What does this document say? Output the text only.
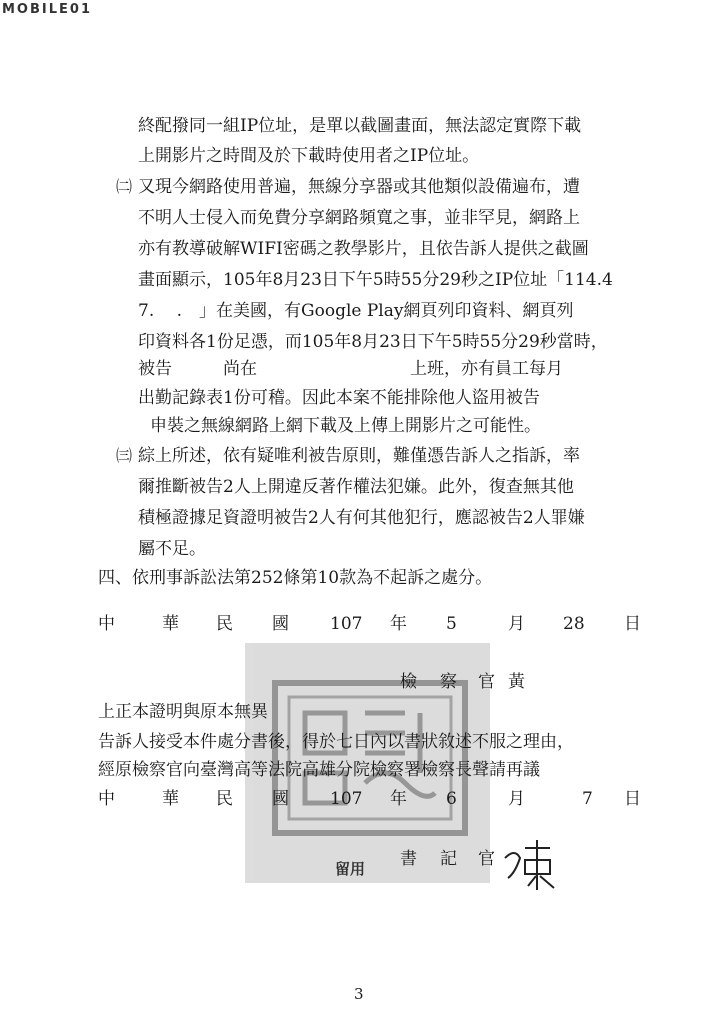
MOBILE01
終配撥同一組IP位址，是單以截圖畫面，無法認定實際下載
上開影片之時間及於下載時使用者之IP位址。
㈡ 又現今網路使用普遍，無線分享器或其他類似設備遍布，遭
不明人士侵入而免費分享網路頻寬之事，並非罕見，網路上
亦有教導破解WIFI密碼之教學影片，且依告訴人提供之截圖
畫面顯示，105年8月23日下午5時55分29秒之IP位址「114.4
7.　 .　」在美國，有Google Play網頁列印資料、網頁列
印資料各1份足憑，而105年8月23日下午5時55分29秒當時，
被告　　　尚在　　　　　　　　　上班，亦有員工每月
出勤記錄表1份可稽。因此本案不能排除他人盜用被告
申裝之無線網路上網下載及上傳上開影片之可能性。
㈢ 綜上所述，依有疑唯利被告原則，難僅憑告訴人之指訴，率
爾推斷被告2人上開違反著作權法犯嫌。此外，復查無其他
積極證據足資證明被告2人有何其他犯行，應認被告2人罪嫌
屬不足。
四、依刑事訴訟法第252條第10款為不起訴之處分。
中	華 民 國 107 年 5	月 28 日
留用
檢 察 官 黃
上正本證明與原本無異
告訴人接受本件處分書後，得於七日內以書狀敘述不服之理由，
經原檢察官向臺灣高等法院高雄分院檢察署檢察長聲請再議
中	華 民 國 107 年 6	月	7 日
書 記 官
3
